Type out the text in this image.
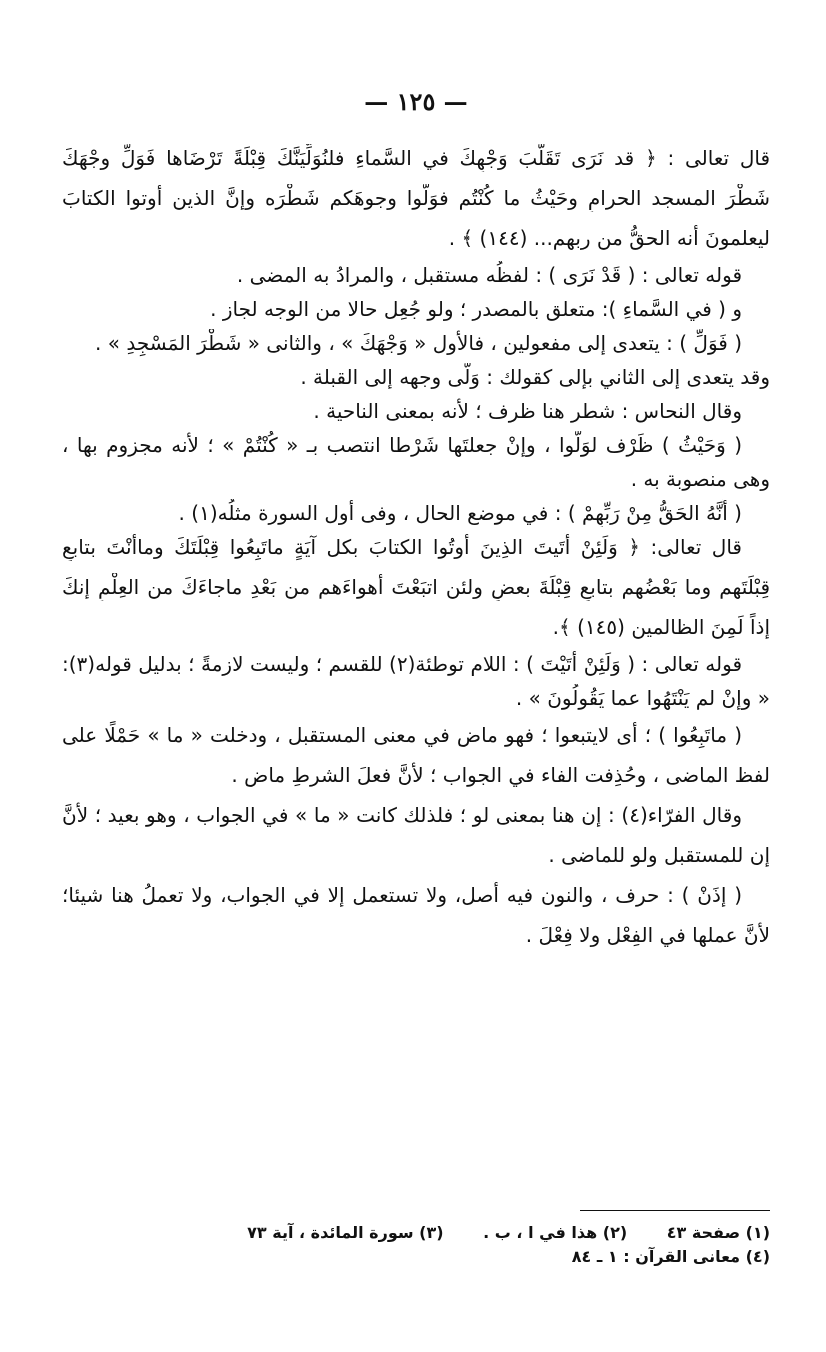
— ١٢٥ —

قال تعالى : ﴿ قد نَرَى تَقَلُّبَ وَجْهِكَ في السَّماءِ فلنُوَلِّيَنَّكَ قِبْلَةً تَرْضَاها فَوَلِّ وجْهَكَ

شَطْرَ المسجد الحرامِ وحَيْثُ ما كُنْتُم فوَلُّوا وجوهَكم شَطْرَه وإنَّ الذين أُوتوا الكتابَ

ليعلمونَ أنه الحقُّ من ربهم... (١٤٤) ﴾ .

قوله تعالى : ( قَدْ نَرَى ) : لفظُه مستقبل ، والمرادُ به المضى .

و ( في السَّماءِ ): متعلق بالمصدر ؛ ولو جُعِل حالا من الوجه لجاز .

( فَوَلِّ ) : يتعدى إلى مفعولين ، فالأول « وَجْهَكَ » ، والثانى « شَطْرَ المَسْجِدِ » .

وقد يتعدى إلى الثاني بإلى كقولك : وَلَّى وجهه إلى القبلة .

وقال النحاس : شطر هنا ظرف ؛ لأنه بمعنى الناحية .

( وَحَيْثُ ) ظَرْف لوَلّوا ، وإنْ جعلتَها شَرْطا انتصب بـ « كُنْتُمْ » ؛ لأنه مجزوم بها ،

وهى منصوبة به .

( أَنَّهُ الحَقُّ مِنْ رَبِّهِمْ ) : في موضع الحال ، وفى أول السورة مثلُه(١) .

قال تعالى: ﴿ وَلَئِنْ أَتَيتَ الذِينَ أُوتُوا الكتابَ بكل آيَةٍ ماتَبِعُوا قِبْلَتَكَ وماأَنْتَ بتابعٍ

قِبْلَتَهم وما بَعْضُهم بتابعٍ قِبْلَةَ بعضٍ ولئن اتبَعْتَ أهواءَهم من بَعْدِ ماجاءَكَ من العِلْمِ إنكَ

إذاً لَمِنَ الظالمين (١٤٥) ﴾.

قوله تعالى : ( وَلَئِنْ أَتَيْتَ ) : اللام توطئة(٢) للقسم ؛ وليست لازمةً ؛ بدليل قوله(٣):

« وإنْ لم يَنْتَهُوا عما يَقُولُونَ » .

( ماتَبِعُوا ) ؛ أى لايتبعوا ؛ فهو ماضٍ في معنى المستقبل ، ودخلت « ما » حَمْلًا على

لفظ الماضى ، وحُذِفت الفاء في الجواب ؛ لأنَّ فعلَ الشرطِ ماض .

وقال الفرّاء(٤) : إن هنا بمعنى لو ؛ فلذلك كانت « ما » في الجواب ، وهو بعيد ؛ لأنَّ

إن للمستقبل ولو للماضى .

( إذَنْ ) : حرف ، والنون فيه أَصل، ولا تستعمل إلا في الجواب، ولا تعملُ هنا شيئا؛

لأنَّ عملها في الفِعْل ولا فِعْلَ .

(١) صفحة ٤٣ (٢) هذا في ا ، ب . (٣) سورة المائدة ، آية ٧٣
(٤) معانى القرآن : ١ ـ ٨٤
